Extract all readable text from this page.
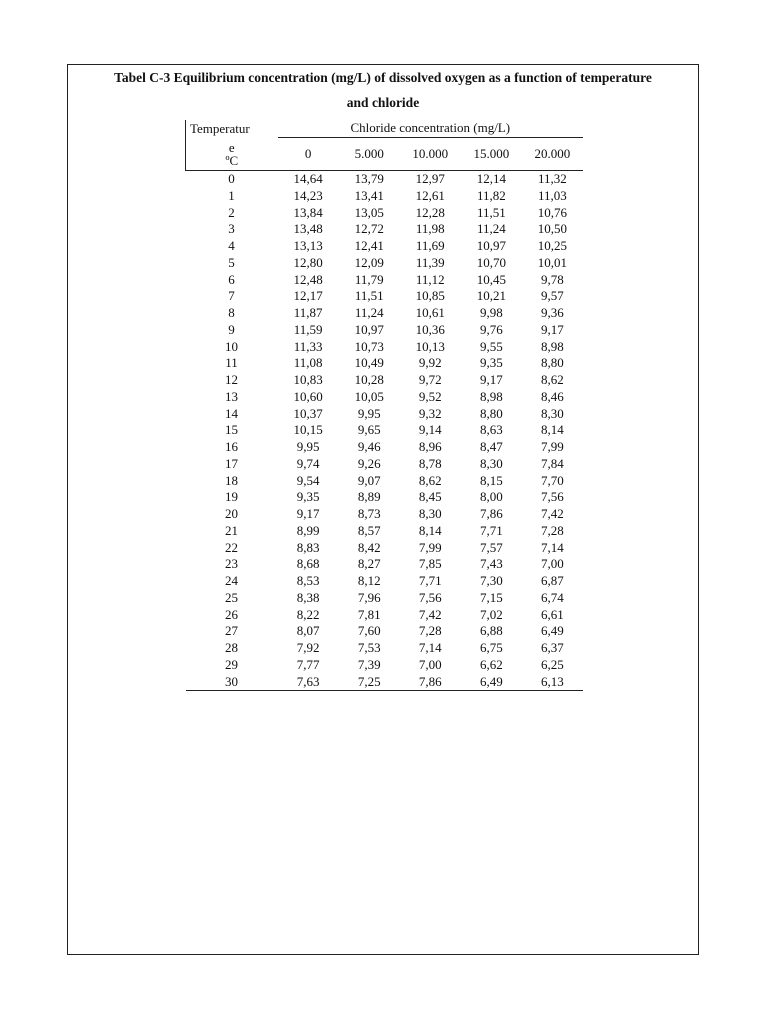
Tabel C-3 Equilibrium concentration (mg/L) of dissolved oxygen as a function of temperature
and chloride
Temperatur	Chloride concentration (mg/L)				
e
ºC	0	5.000	10.000	15.000	20.000
0	14,64	13,79	12,97	12,14	11,32
1	14,23	13,41	12,61	11,82	11,03
2	13,84	13,05	12,28	11,51	10,76
3	13,48	12,72	11,98	11,24	10,50
4	13,13	12,41	11,69	10,97	10,25
5	12,80	12,09	11,39	10,70	10,01
6	12,48	11,79	11,12	10,45	9,78
7	12,17	11,51	10,85	10,21	9,57
8	11,87	11,24	10,61	9,98	9,36
9	11,59	10,97	10,36	9,76	9,17
10	11,33	10,73	10,13	9,55	8,98
11	11,08	10,49	9,92	9,35	8,80
12	10,83	10,28	9,72	9,17	8,62
13	10,60	10,05	9,52	8,98	8,46
14	10,37	9,95	9,32	8,80	8,30
15	10,15	9,65	9,14	8,63	8,14
16	9,95	9,46	8,96	8,47	7,99
17	9,74	9,26	8,78	8,30	7,84
18	9,54	9,07	8,62	8,15	7,70
19	9,35	8,89	8,45	8,00	7,56
20	9,17	8,73	8,30	7,86	7,42
21	8,99	8,57	8,14	7,71	7,28
22	8,83	8,42	7,99	7,57	7,14
23	8,68	8,27	7,85	7,43	7,00
24	8,53	8,12	7,71	7,30	6,87
25	8,38	7,96	7,56	7,15	6,74
26	8,22	7,81	7,42	7,02	6,61
27	8,07	7,60	7,28	6,88	6,49
28	7,92	7,53	7,14	6,75	6,37
29	7,77	7,39	7,00	6,62	6,25
30	7,63	7,25	7,86	6,49	6,13
